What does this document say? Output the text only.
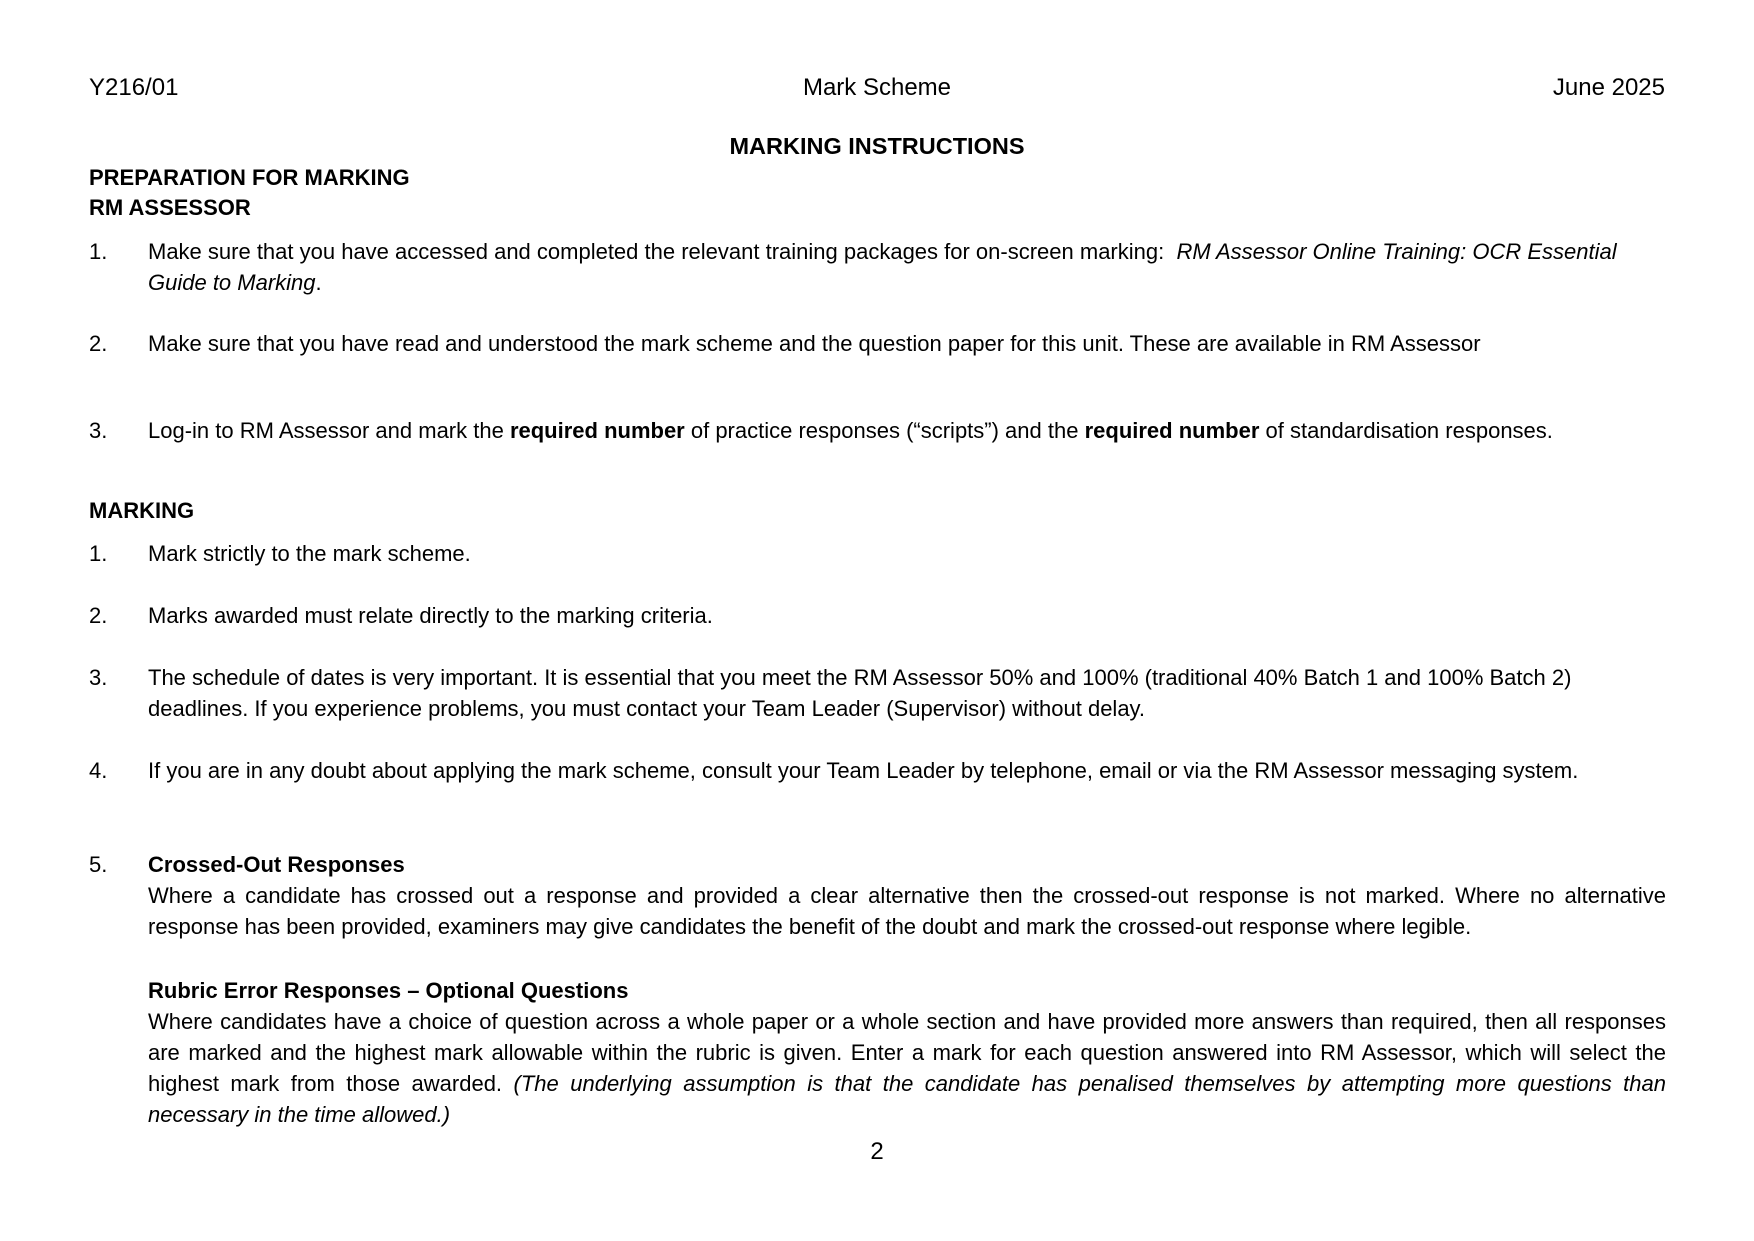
Y216/01	Mark Scheme	June 2025
MARKING INSTRUCTIONS
PREPARATION FOR MARKING
RM ASSESSOR
1. Make sure that you have accessed and completed the relevant training packages for on-screen marking: RM Assessor Online Training: OCR Essential Guide to Marking.
2. Make sure that you have read and understood the mark scheme and the question paper for this unit. These are available in RM Assessor
3. Log-in to RM Assessor and mark the required number of practice responses (“scripts”) and the required number of standardisation responses.
MARKING
1. Mark strictly to the mark scheme.
2. Marks awarded must relate directly to the marking criteria.
3. The schedule of dates is very important. It is essential that you meet the RM Assessor 50% and 100% (traditional 40% Batch 1 and 100% Batch 2) deadlines. If you experience problems, you must contact your Team Leader (Supervisor) without delay.
4. If you are in any doubt about applying the mark scheme, consult your Team Leader by telephone, email or via the RM Assessor messaging system.
5. Crossed-Out Responses
Where a candidate has crossed out a response and provided a clear alternative then the crossed-out response is not marked. Where no alternative response has been provided, examiners may give candidates the benefit of the doubt and mark the crossed-out response where legible.
Rubric Error Responses – Optional Questions
Where candidates have a choice of question across a whole paper or a whole section and have provided more answers than required, then all responses are marked and the highest mark allowable within the rubric is given. Enter a mark for each question answered into RM Assessor, which will select the highest mark from those awarded. (The underlying assumption is that the candidate has penalised themselves by attempting more questions than necessary in the time allowed.)
2
